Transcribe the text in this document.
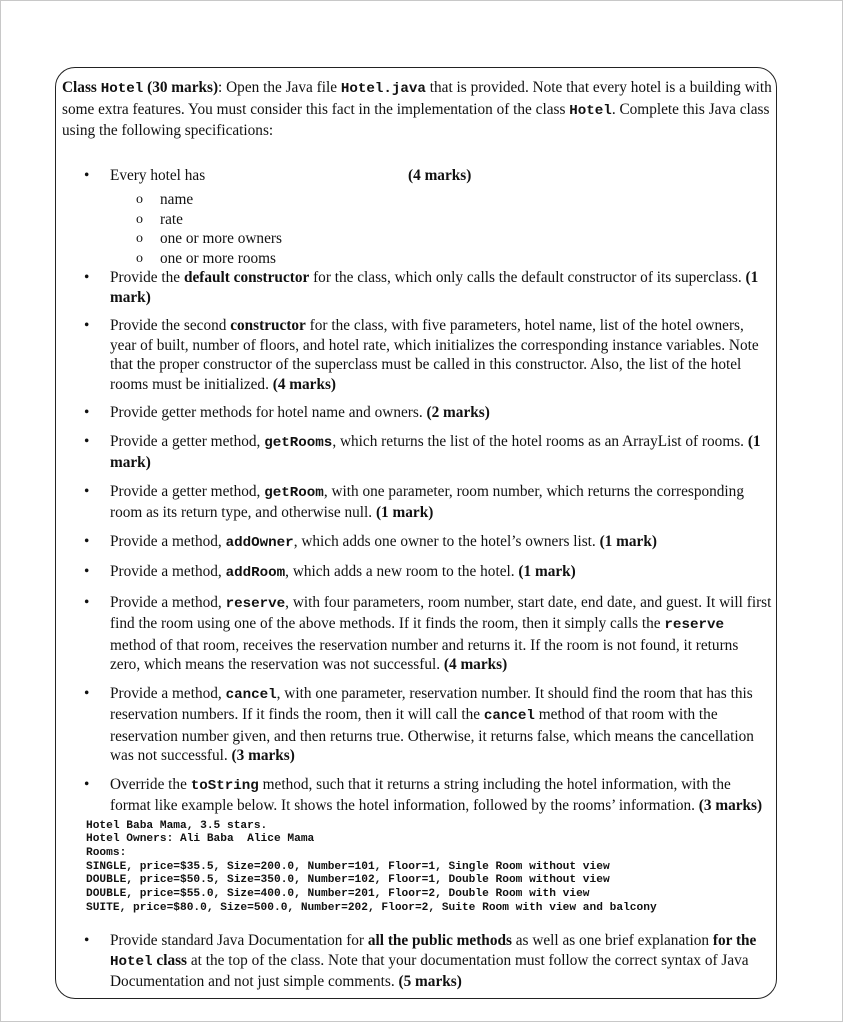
Class Hotel (30 marks): Open the Java file Hotel.java that is provided. Note that every hotel is a building with some extra features. You must consider this fact in the implementation of the class Hotel. Complete this Java class using the following specifications:

• Every hotel has	(4 marks)
o name
o rate
o one or more owners
o one or more rooms
• Provide the default constructor for the class, which only calls the default constructor of its superclass. (1 mark)
• Provide the second constructor for the class, with five parameters, hotel name, list of the hotel owners, year of built, number of floors, and hotel rate, which initializes the corresponding instance variables. Note that the proper constructor of the superclass must be called in this constructor. Also, the list of the hotel rooms must be initialized. (4 marks)
• Provide getter methods for hotel name and owners. (2 marks)
• Provide a getter method, getRooms, which returns the list of the hotel rooms as an ArrayList of rooms. (1 mark)
• Provide a getter method, getRoom, with one parameter, room number, which returns the corresponding room as its return type, and otherwise null. (1 mark)
• Provide a method, addOwner, which adds one owner to the hotel’s owners list. (1 mark)
• Provide a method, addRoom, which adds a new room to the hotel. (1 mark)
• Provide a method, reserve, with four parameters, room number, start date, end date, and guest. It will first find the room using one of the above methods. If it finds the room, then it simply calls the reserve method of that room, receives the reservation number and returns it. If the room is not found, it returns zero, which means the reservation was not successful. (4 marks)
• Provide a method, cancel, with one parameter, reservation number. It should find the room that has this reservation numbers. If it finds the room, then it will call the cancel method of that room with the reservation number given, and then returns true. Otherwise, it returns false, which means the cancellation was not successful. (3 marks)
• Override the toString method, such that it returns a string including the hotel information, with the format like example below. It shows the hotel information, followed by the rooms’ information. (3 marks)
Hotel Baba Mama, 3.5 stars.
Hotel Owners: Ali Baba  Alice Mama
Rooms:
SINGLE, price=$35.5, Size=200.0, Number=101, Floor=1, Single Room without view
DOUBLE, price=$50.5, Size=350.0, Number=102, Floor=1, Double Room without view
DOUBLE, price=$55.0, Size=400.0, Number=201, Floor=2, Double Room with view
SUITE, price=$80.0, Size=500.0, Number=202, Floor=2, Suite Room with view and balcony
• Provide standard Java Documentation for all the public methods as well as one brief explanation for the Hotel class at the top of the class. Note that your documentation must follow the correct syntax of Java Documentation and not just simple comments. (5 marks)
